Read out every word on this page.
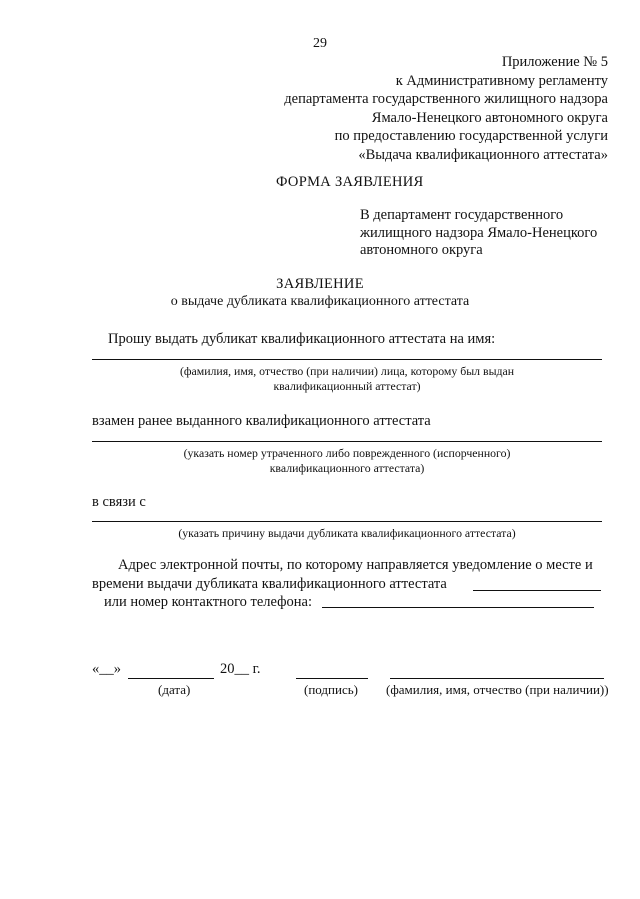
29
Приложение № 5
к Административному регламенту
департамента государственного жилищного надзора
Ямало-Ненецкого автономного округа
по предоставлению государственной услуги
«Выдача квалификационного аттестата»
ФОРМА ЗАЯВЛЕНИЯ
В департамент государственного
жилищного надзора Ямало-Ненецкого
автономного округа
ЗАЯВЛЕНИЕ
о выдаче дубликата квалификационного аттестата
Прошу выдать дубликат квалификационного аттестата на имя:
(фамилия, имя, отчество (при наличии) лица, которому был выдан
квалификационный аттестат)
взамен ранее выданного квалификационного аттестата
(указать номер утраченного либо поврежденного (испорченного)
квалификационного аттестата)
в связи с
(указать причину выдачи дубликата квалификационного аттестата)
Адрес электронной почты, по которому направляется уведомление о месте и
времени выдачи дубликата квалификационного аттестата
или номер контактного телефона:
«__»	20__ г.
(дата)	(подпись) (фамилия, имя, отчество (при наличии))
